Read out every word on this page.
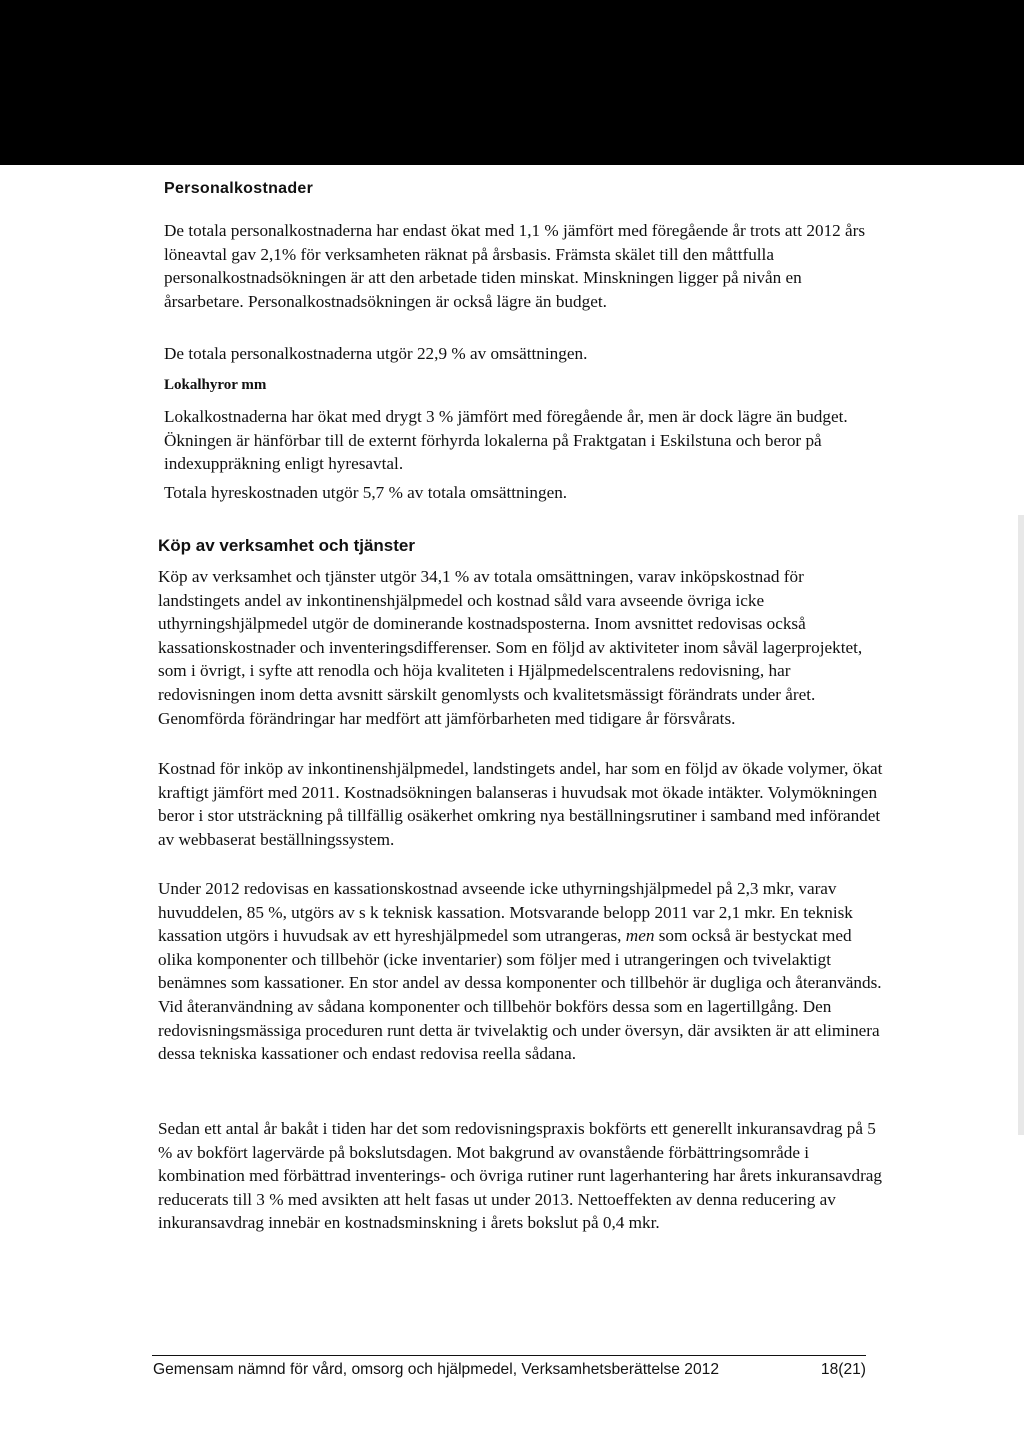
Personalkostnader

De totala personalkostnaderna har endast ökat med 1,1 % jämfört med föregående år trots att 2012 års löneavtal gav 2,1% för verksamheten räknat på årsbasis. Främsta skälet till den måttfulla personalkostnadsökningen är att den arbetade tiden minskat. Minskningen ligger på nivån en årsarbetare. Personalkostnadsökningen är också lägre än budget.

De totala personalkostnaderna utgör 22,9 % av omsättningen.

Lokalhyror mm

Lokalkostnaderna har ökat med drygt 3 % jämfört med föregående år, men är dock lägre än budget. Ökningen är hänförbar till de externt förhyrda lokalerna på Fraktgatan i Eskilstuna och beror på indexuppräkning enligt hyresavtal.

Totala hyreskostnaden utgör 5,7 % av totala omsättningen.

Köp av verksamhet och tjänster

Köp av verksamhet och tjänster utgör 34,1 % av totala omsättningen, varav inköpskostnad för landstingets andel av inkontinenshjälpmedel och kostnad såld vara avseende övriga icke uthyrningshjälpmedel utgör de dominerande kostnadsposterna. Inom avsnittet redovisas också kassationskostnader och inventeringsdifferenser. Som en följd av aktiviteter inom såväl lagerprojektet, som i övrigt, i syfte att renodla och höja kvaliteten i Hjälpmedelscentralens redovisning, har redovisningen inom detta avsnitt särskilt genomlysts och kvalitetsmässigt förändrats under året. Genomförda förändringar har medfört att jämförbarheten med tidigare år försvårats.

Kostnad för inköp av inkontinenshjälpmedel, landstingets andel, har som en följd av ökade volymer, ökat kraftigt jämfört med 2011. Kostnadsökningen balanseras i huvudsak mot ökade intäkter. Volymökningen beror i stor utsträckning på tillfällig osäkerhet omkring nya beställningsrutiner i samband med införandet av webbaserat beställningssystem.

Under 2012 redovisas en kassationskostnad avseende icke uthyrningshjälpmedel på 2,3 mkr, varav huvuddelen, 85 %, utgörs av s k teknisk kassation. Motsvarande belopp 2011 var 2,1 mkr. En teknisk kassation utgörs i huvudsak av ett hyreshjälpmedel som utrangeras, men som också är bestyckat med olika komponenter och tillbehör (icke inventarier) som följer med i utrangeringen och tvivelaktigt benämnes som kassationer. En stor andel av dessa komponenter och tillbehör är dugliga och återanvänds. Vid återanvändning av sådana komponenter och tillbehör bokförs dessa som en lagertillgång. Den redovisningsmässiga proceduren runt detta är tvivelaktig och under översyn, där avsikten är att eliminera dessa tekniska kassationer och endast redovisa reella sådana.

Sedan ett antal år bakåt i tiden har det som redovisningspraxis bokförts ett generellt inkuransavdrag på 5 % av bokfört lagervärde på bokslutsdagen. Mot bakgrund av ovanstående förbättringsområde i kombination med förbättrad inventerings- och övriga rutiner runt lagerhantering har årets inkuransavdrag reducerats till 3 % med avsikten att helt fasas ut under 2013. Nettoeffekten av denna reducering av inkuransavdrag innebär en kostnadsminskning i årets bokslut på 0,4 mkr.

Gemensam nämnd för vård, omsorg och hjälpmedel, Verksamhetsberättelse 2012	18(21)
